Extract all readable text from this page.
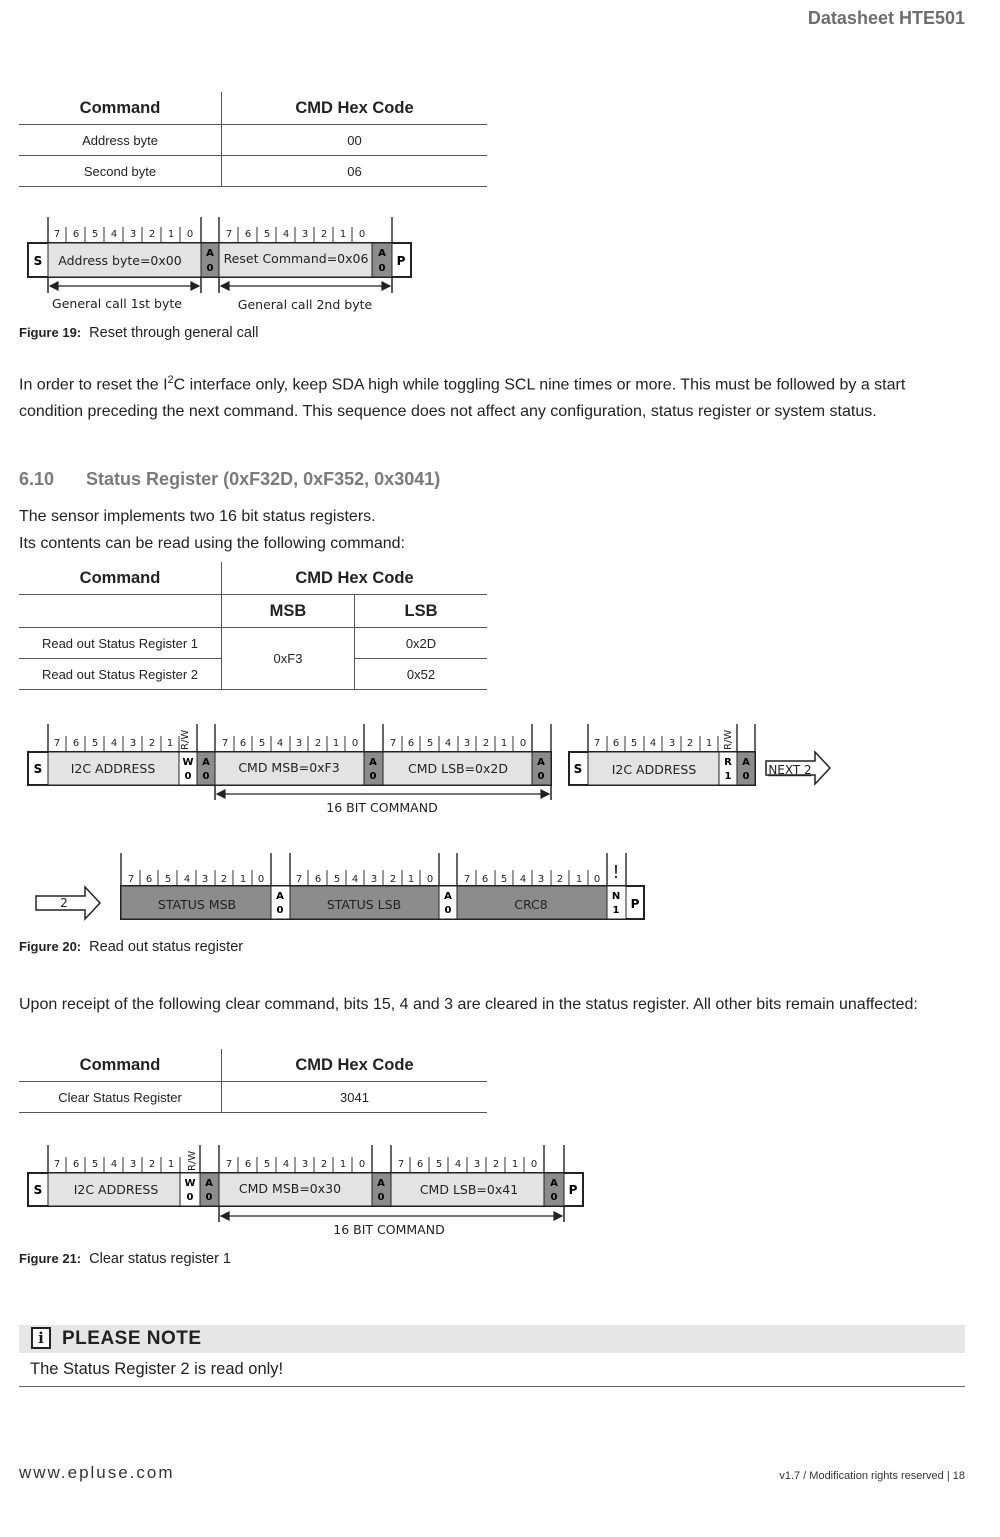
Datasheet HTE501
Command	CMD Hex Code
Address byte	00
Second byte	06
7 6 5 4 3 2 1 0	7 6 5 4 3 2 1 0
S Address byte=0x00 A
0
Reset Command=0x06 A
0
P
General call 1st byte	General call 2nd byte
Figure 19: Reset through general call
In order to reset the $I^2C$ interface only, keep SDA high while toggling SCL nine times or more. This must be followed by a start condition preceding the next command. This sequence does not affect any configuration, status register or system status.
6.10 Status Register (0xF32D, 0xF352, 0x3041)
The sensor implements two 16 bit status registers.
Its contents can be read using the following command:
Command	CMD Hex Code	
	MSB	LSB
Read out Status Register 1	0xF3	0x2D
Read out Status Register 2		0x52
7 6 5 4 3 2 1	7 6 5 4 3 2 1 0	7 6 5 4 3 2 1 0	7 6 5 4 3 2 1
R/W	R/W
S I2C ADDRESS	W
0
A
0
CMD MSB=0xF3	A
0
CMD LSB=0x2D	A
0
S I2C ADDRESS	R
1
A
0 NEXT 2
16 BIT COMMAND
7 6 5 4 3 2 1 0	7 6 5 4 3 2 1 0	7 6 5 4 3 2 1 0 !
2	STATUS MSB
A
0	STATUS LSB
A
0	CRC8
N
1 P
Figure 20: Read out status register
Upon receipt of the following clear command, bits 15, 4 and 3 are cleared in the status register. All other bits remain unaffected:
Command	CMD Hex Code
Clear Status Register	3041
7 6 5 4 3 2 1	7 6 5 4 3 2 1 0	7 6 5 4 3 2 1 0
R/W
S	I2C ADDRESS	W
0
A
0
CMD MSB=0x30	A
0
CMD LSB=0x41	A
0
P
16 BIT COMMAND
Figure 21: Clear status register 1
i PLEASE NOTE
The Status Register 2 is read only!
www.epluse.com	v1.7 / Modification rights reserved | 18
